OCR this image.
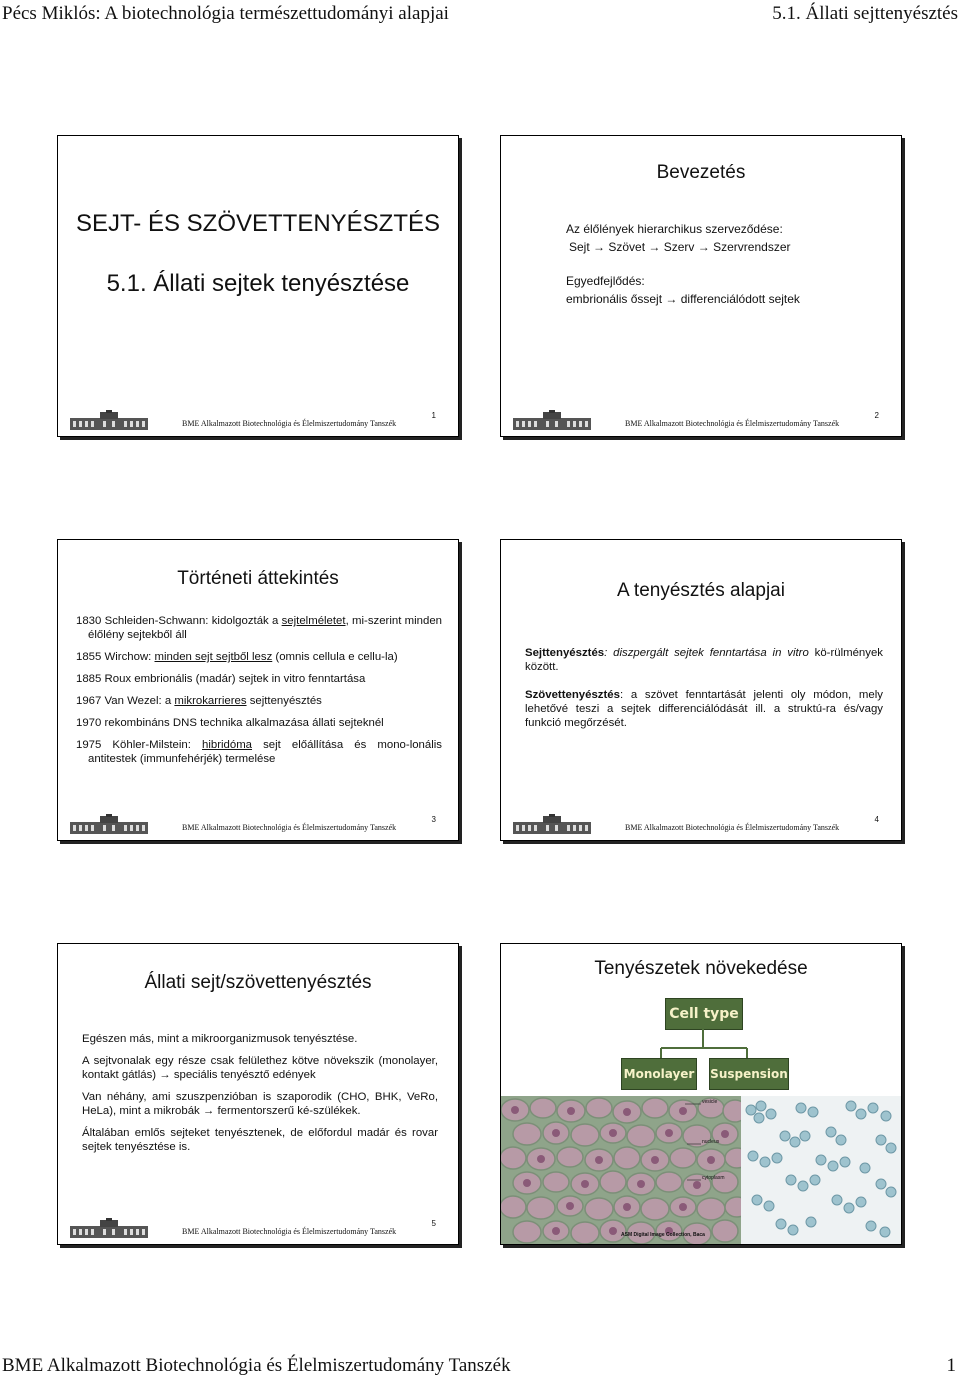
Pécs Miklós: A biotechnológia természettudományi alapjai	5.1. Állati sejttenyésztés
SEJT- ÉS SZÖVETTENYÉSZTÉS
5.1. Állati sejtek tenyésztése
BME Alkalmazott Biotechnológia és Élelmiszertudomány Tanszék
1
Bevezetés
Az élőlények hierarchikus szerveződése:
Sejt → Szövet → Szerv → Szervrendszer
Egyedfejlődés:
embrionális őssejt → differenciálódott sejtek
BME Alkalmazott Biotechnológia és Élelmiszertudomány Tanszék
2
Történeti áttekintés

1830 Schleiden-Schwann: kidolgozták a sejtelméletet, mi-szerint minden élőlény sejtekből áll

1855 Wirchow: minden sejt sejtből lesz (omnis cellula e cellu-la)

1885 Roux embrionális (madár) sejtek in vitro fenntartása

1967 Van Wezel: a mikrokarrieres sejttenyésztés

1970 rekombináns DNS technika alkalmazása állati sejteknél

1975 Köhler-Milstein: hibridóma sejt előállítása és mono-lonális antitestek (immunfehérjék) termelése

BME Alkalmazott Biotechnológia és Élelmiszertudomány Tanszék
3
A tenyésztés alapjai

Sejttenyésztés: diszpergált sejtek fenntartása in vitro kö-rülmények között.

Szövettenyésztés: a szövet fenntartását jelenti oly módon, mely lehetővé teszi a sejtek differenciálódását ill. a struktú-ra és/vagy funkció megőrzését.

BME Alkalmazott Biotechnológia és Élelmiszertudomány Tanszék
4
Állati sejt/szövettenyésztés

Egészen más, mint a mikroorganizmusok tenyésztése.

A sejtvonalak egy része csak felülethez kötve növekszik (monolayer, kontakt gátlás) → speciális tenyésztő edények

Van néhány, ami szuszpenzióban is szaporodik (CHO, BHK, VeRo, HeLa), mint a mikrobák → fermentorszerű ké-szülékek.

Általában emlős sejteket tenyésztenek, de előfordul madár és rovar sejtek tenyésztése is.

BME Alkalmazott Biotechnológia és Élelmiszertudomány Tanszék
5
Tenyészetek növekedése
Cell type
Monolayer Suspension
vesicle
nucleus
cytoplasm
ASM Digital Image Collection, Baca
BME Alkalmazott Biotechnológia és Élelmiszertudomány Tanszék	1
